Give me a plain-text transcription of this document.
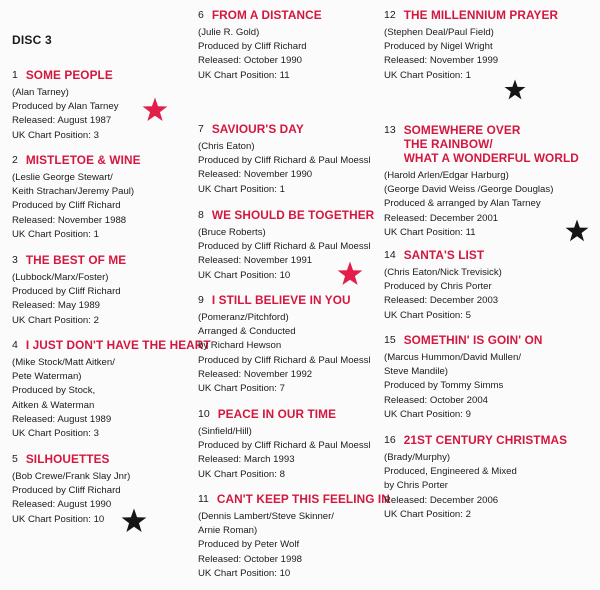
DISC 3
1 SOME PEOPLE
(Alan Tarney)
Produced by Alan Tarney
Released: August 1987
UK Chart Position: 3
2 MISTLETOE & WINE
(Leslie George Stewart/
Keith Strachan/Jeremy Paul)
Produced by Cliff Richard
Released: November 1988
UK Chart Position: 1
3 THE BEST OF ME
(Lubbock/Marx/Foster)
Produced by Cliff Richard
Released: May 1989
UK Chart Position: 2
4 I JUST DON'T HAVE THE HEART
(Mike Stock/Matt Aitken/
Pete Waterman)
Produced by Stock,
Aitken & Waterman
Released: August 1989
UK Chart Position: 3
5 SILHOUETTES
(Bob Crewe/Frank Slay Jnr)
Produced by Cliff Richard
Released: August 1990
UK Chart Position: 10
6 FROM A DISTANCE
(Julie R. Gold)
Produced by Cliff Richard
Released: October 1990
UK Chart Position: 11
7 SAVIOUR'S DAY
(Chris Eaton)
Produced by Cliff Richard & Paul Moessl
Released: November 1990
UK Chart Position: 1
8 WE SHOULD BE TOGETHER
(Bruce Roberts)
Produced by Cliff Richard & Paul Moessl
Released: November 1991
UK Chart Position: 10
9 I STILL BELIEVE IN YOU
(Pomeranz/Pitchford)
Arranged & Conducted
by Richard Hewson
Produced by Cliff Richard & Paul Moessl
Released: November 1992
UK Chart Position: 7
10 PEACE IN OUR TIME
(Sinfield/Hill)
Produced by Cliff Richard & Paul Moessl
Released: March 1993
UK Chart Position: 8
11 CAN'T KEEP THIS FEELING IN
(Dennis Lambert/Steve Skinner/
Arnie Roman)
Produced by Peter Wolf
Released: October 1998
UK Chart Position: 10
12 THE MILLENNIUM PRAYER
(Stephen Deal/Paul Field)
Produced by Nigel Wright
Released: November 1999
UK Chart Position: 1
13 SOMEWHERE OVER
THE RAINBOW/
WHAT A WONDERFUL WORLD
(Harold Arlen/Edgar Harburg)
(George David Weiss /George Douglas)
Produced & arranged by Alan Tarney
Released: December 2001
UK Chart Position: 11
14 SANTA'S LIST
(Chris Eaton/Nick Trevisick)
Produced by Chris Porter
Released: December 2003
UK Chart Position: 5
15 SOMETHIN' IS GOIN' ON
(Marcus Hummon/David Mullen/
Steve Mandile)
Produced by Tommy Simms
Released: October 2004
UK Chart Position: 9
16 21ST CENTURY CHRISTMAS
(Brady/Murphy)
Produced, Engineered & Mixed
by Chris Porter
Released: December 2006
UK Chart Position: 2
